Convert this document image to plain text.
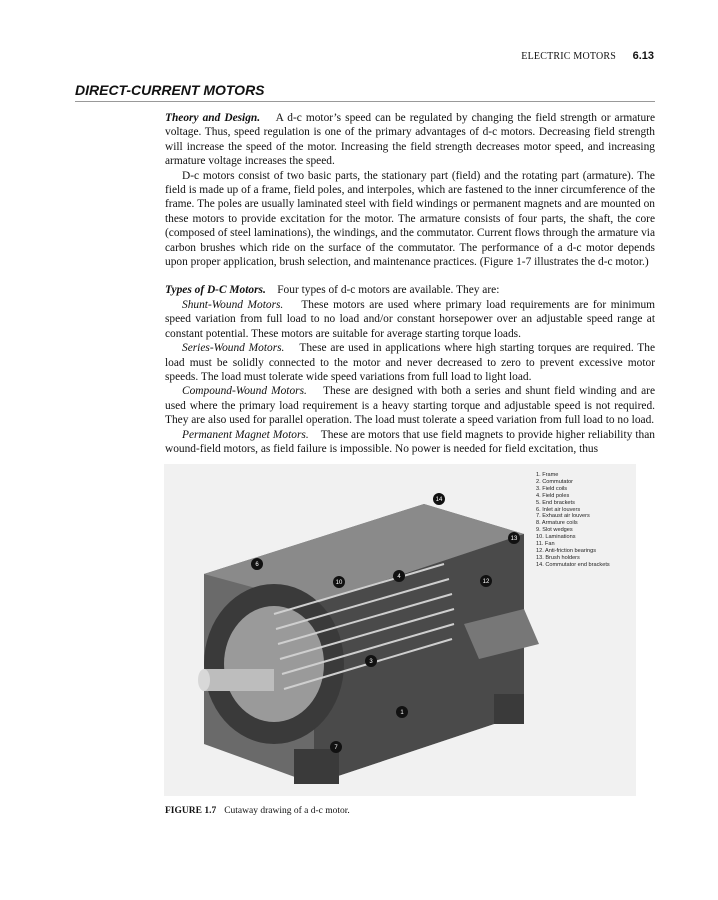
ELECTRIC MOTORS 6.13
DIRECT-CURRENT MOTORS

Theory and Design. A d-c motor’s speed can be regulated by changing the field strength or armature voltage. Thus, speed regulation is one of the primary advantages of d-c motors. Decreasing field strength will increase the speed of the motor. Increasing the field strength decreases motor speed, and increasing armature voltage increases the speed.

D-c motors consist of two basic parts, the stationary part (field) and the rotating part (armature). The field is made up of a frame, field poles, and interpoles, which are fastened to the inner circumference of the frame. The poles are usually laminated steel with field windings or permanent magnets and are mounted on these motors to provide excitation for the motor. The armature consists of four parts, the shaft, the core (composed of steel laminations), the windings, and the commutator. Current flows through the armature via carbon brushes which ride on the surface of the commutator. The performance of a d-c motor depends upon proper application, brush selection, and maintenance practices. (Figure 1-7 illustrates the d-c motor.)

Types of D-C Motors. Four types of d-c motors are available. They are:

Shunt-Wound Motors. These motors are used where primary load requirements are for minimum speed variation from full load to no load and/or constant horsepower over an adjustable speed range at constant potential. These motors are suitable for average starting torque loads.

Series-Wound Motors. These are used in applications where high starting torques are required. The load must be solidly connected to the motor and never decreased to zero to prevent excessive motor speeds. The load must tolerate wide speed variations from full load to light load.

Compound-Wound Motors. These are designed with both a series and shunt field winding and are used where the primary load requirement is a heavy starting torque and adjustable speed is not required. They are also used for parallel operation. The load must tolerate a speed variation from full load to no load.

Permanent Magnet Motors. These are motors that use field magnets to provide higher reliability than wound-field motors, as field failure is impossible. No power is needed for field excitation, thus

1
3
4
6
7
10	12
13
14
1. Frame
2. Commutator
3. Field coils
4. Field poles
5. End brackets
6. Inlet air louvers
7. Exhaust air louvers
8. Armature coils
9. Slot wedges
10. Laminations
11. Fan
12. Anti-friction bearings
13. Brush holders
14. Commutator end brackets
FIGURE 1.7 Cutaway drawing of a d-c motor.
